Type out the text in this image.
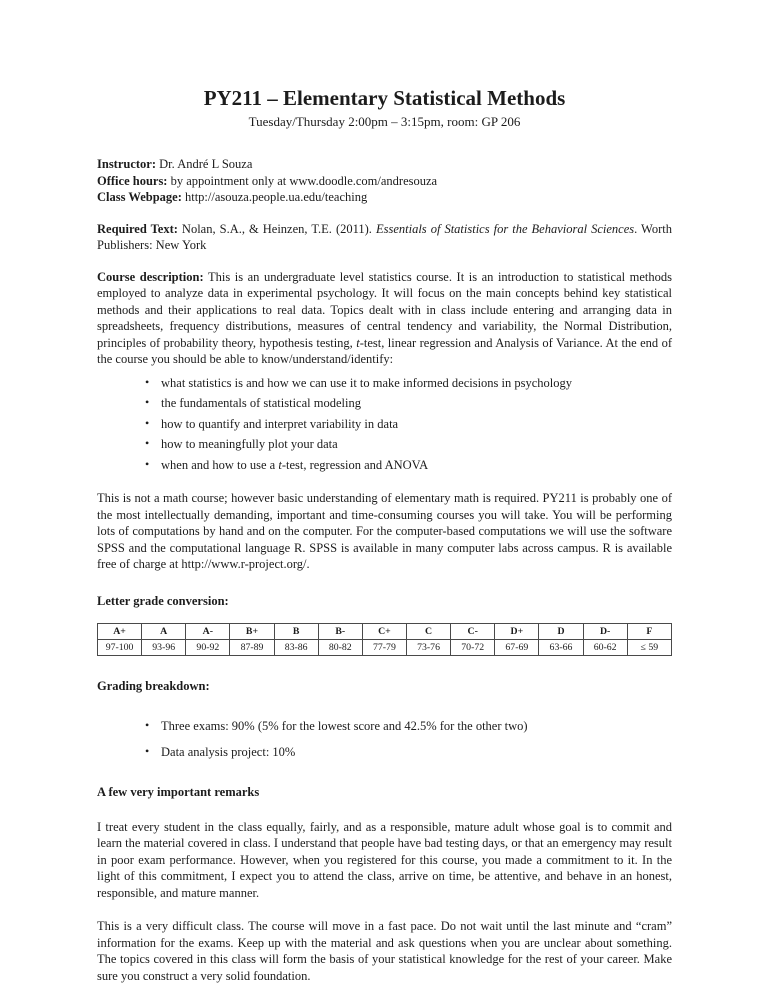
PY211 – Elementary Statistical Methods
Tuesday/Thursday 2:00pm – 3:15pm, room: GP 206

Instructor: Dr. André L Souza

Office hours: by appointment only at www.doodle.com/andresouza

Class Webpage: http://asouza.people.ua.edu/teaching

Required Text: Nolan, S.A., & Heinzen, T.E. (2011). Essentials of Statistics for the Behavioral Sciences. Worth Publishers: New York

Course description: This is an undergraduate level statistics course. It is an introduction to statistical methods employed to analyze data in experimental psychology. It will focus on the main concepts behind key statistical methods and their applications to real data. Topics dealt with in class include entering and arranging data in spreadsheets, frequency distributions, measures of central tendency and variability, the Normal Distribution, principles of probability theory, hypothesis testing, t-test, linear regression and Analysis of Variance. At the end of the course you should be able to know/understand/identify:

• what statistics is and how we can use it to make informed decisions in psychology
• the fundamentals of statistical modeling
• how to quantify and interpret variability in data
• how to meaningfully plot your data
• when and how to use a t-test, regression and ANOVA

This is not a math course; however basic understanding of elementary math is required. PY211 is probably one of the most intellectually demanding, important and time-consuming courses you will take. You will be performing lots of computations by hand and on the computer. For the computer-based computations we will use the software SPSS and the computational language R. SPSS is available in many computer labs across campus. R is available free of charge at http://www.r-project.org/.

Letter grade conversion:
A+	A	A-	B+	B	B-	C+	C	C-	D+	D	D-	F
97-100	93-96	90-92	87-89	83-86	80-82	77-79	73-76	70-72	67-69	63-66	60-62	≤ 59
Grading breakdown:
• Three exams: 90% (5% for the lowest score and 42.5% for the other two)
• Data analysis project: 10%
A few very important remarks

I treat every student in the class equally, fairly, and as a responsible, mature adult whose goal is to commit and learn the material covered in class. I understand that people have bad testing days, or that an emergency may result in poor exam performance. However, when you registered for this course, you made a commitment to it. In the light of this commitment, I expect you to attend the class, arrive on time, be attentive, and behave in an honest, responsible, and mature manner.

This is a very difficult class. The course will move in a fast pace. Do not wait until the last minute and “cram” information for the exams. Keep up with the material and ask questions when you are unclear about something. The topics covered in this class will form the basis of your statistical knowledge for the rest of your career. Make sure you construct a very solid foundation.
